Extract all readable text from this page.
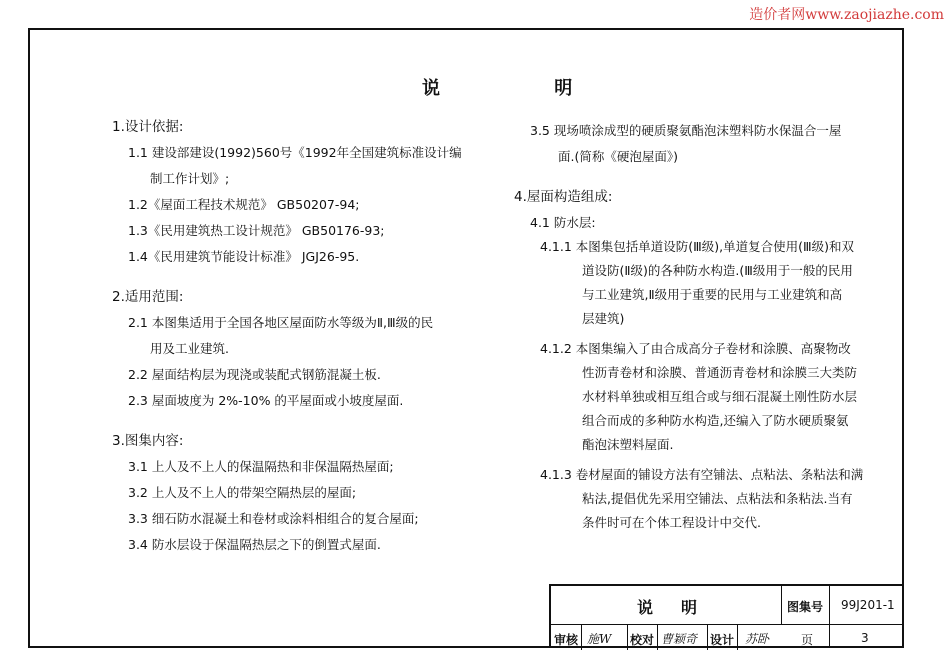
造价者网www.zaojiazhe.com
说 明

1.设计依据:

1.1 建设部建设(1992)560号《1992年全国建筑标准设计编

制工作计划》;

1.2《屋面工程技术规范》 GB50207-94;

1.3《民用建筑热工设计规范》 GB50176-93;

1.4《民用建筑节能设计标准》 JGJ26-95.

2.适用范围:

2.1 本图集适用于全国各地区屋面防水等级为Ⅱ,Ⅲ级的民

用及工业建筑.

2.2 屋面结构层为现浇或装配式钢筋混凝土板.

2.3 屋面坡度为 2%-10% 的平屋面或小坡度屋面.

3.图集内容:

3.1 上人及不上人的保温隔热和非保温隔热屋面;

3.2 上人及不上人的带架空隔热层的屋面;

3.3 细石防水混凝土和卷材或涂料相组合的复合屋面;

3.4 防水层设于保温隔热层之下的倒置式屋面.

3.5 现场喷涂成型的硬质聚氨酯泡沫塑料防水保温合一屋

面.(简称《硬泡屋面》)

4.屋面构造组成:

4.1 防水层:

4.1.1 本图集包括单道设防(Ⅲ级),单道复合使用(Ⅲ级)和双

道设防(Ⅱ级)的各种防水构造.(Ⅲ级用于一般的民用

与工业建筑,Ⅱ级用于重要的民用与工业建筑和高

层建筑)

4.1.2 本图集编入了由合成高分子卷材和涂膜、高聚物改

性沥青卷材和涂膜、普通沥青卷材和涂膜三大类防

水材料单独或相互组合或与细石混凝土刚性防水层

组合而成的多种防水构造,还编入了防水硬质聚氨

酯泡沫塑料屋面.

4.1.3 卷材屋面的铺设方法有空铺法、点粘法、条粘法和满

粘法,提倡优先采用空铺法、点粘法和条粘法.当有

条件时可在个体工程设计中交代.

说明	图集号 99J201-1
审核 施W 校对 曹颖奇 设计 苏卧	页	3
